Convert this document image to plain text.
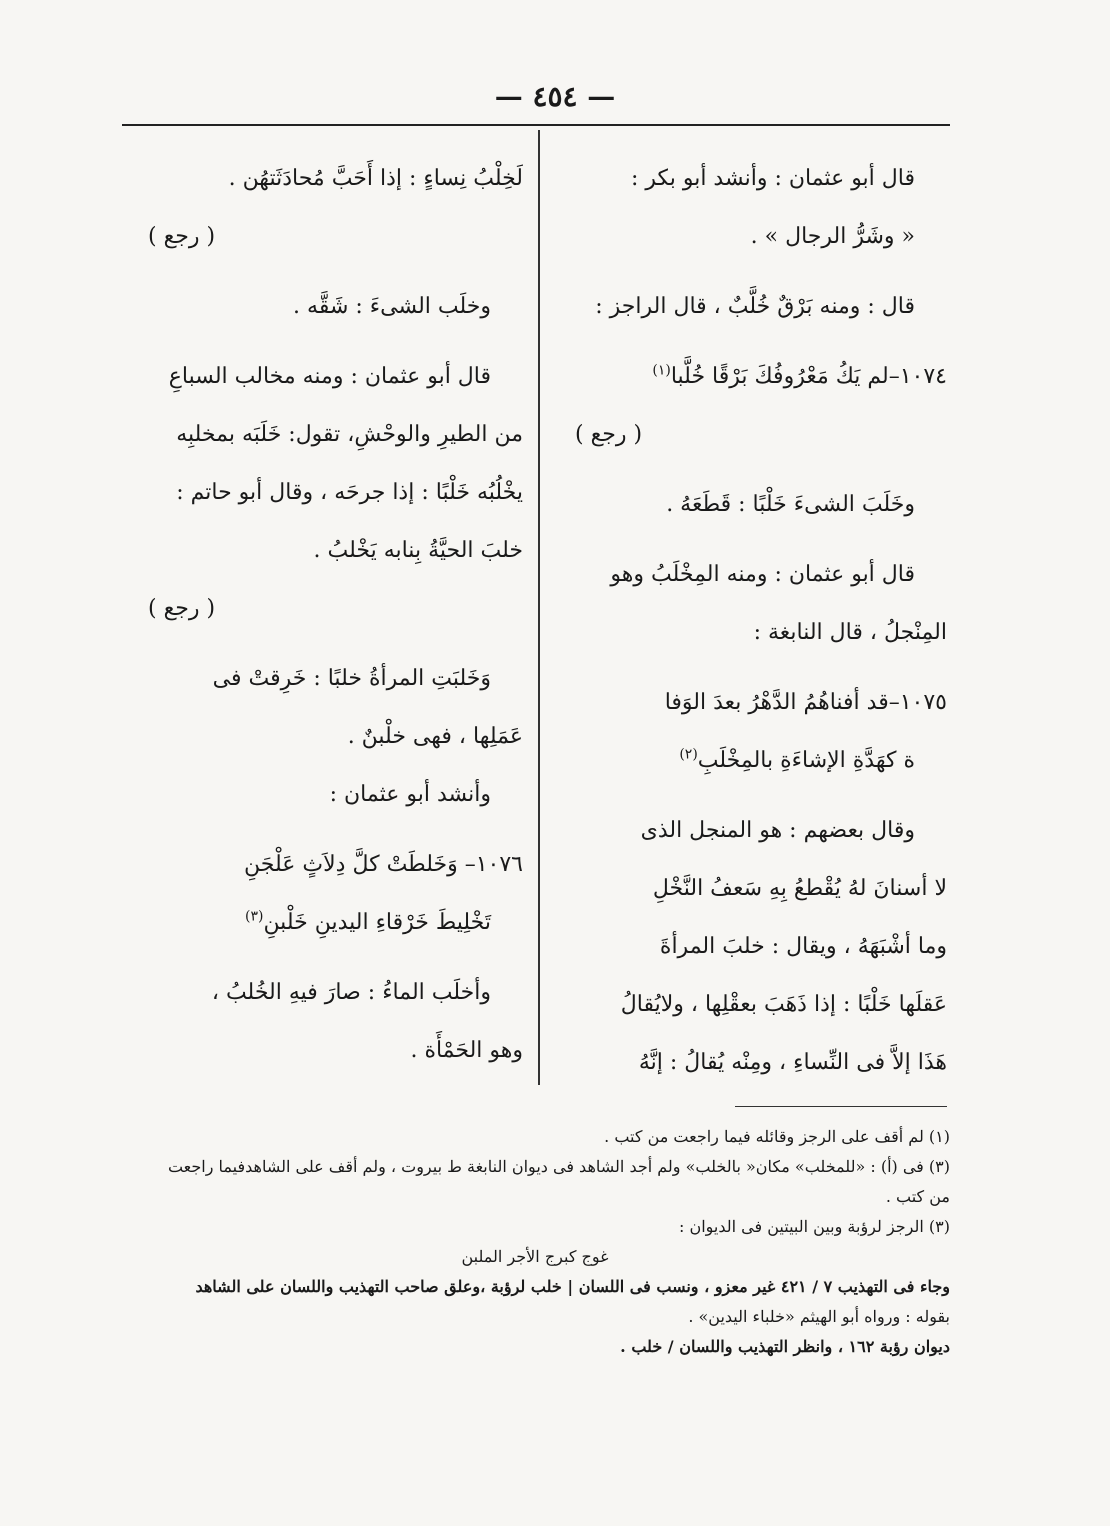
— ٤٥٤ —
قال أبو عثمان : وأنشد أبو بكر :
« وشَرُّ الرجال » .
قال : ومنه بَرْقٌ خُلَّبٌ ، قال الراجز :
١٠٧٤–لم يَكُ مَعْرُوفُكَ بَرْقًا خُلَّبا$^{(١)}$
( رجع )
وخَلَبَ الشىءَ خَلْبًا : قَطَعَهُ .
قال أبو عثمان : ومنه المِخْلَبُ وهو
المِنْجلُ ، قال النابغة :
١٠٧٥–قد أفناهُمُ الدَّهْرُ بعدَ الوَفا
ة كهَدَّةِ الإشاءَةِ بالمِخْلَبِ$^{(٢)}$
وقال بعضهم : هو المنجل الذى
لا أسنانَ لهُ يُقْطعُ بِهِ سَعفُ النَّخْلِ
وما أشْبَهَهُ ، ويقال : خلبَ المرأةَ
عَقلَها خَلْبًا : إذا ذَهَبَ بعقْلِها ، ولايُقالُ
هَذَا إلاَّ فى النِّساءِ ، ومِنْه يُقالُ : إنَّهُ
لَخِلْبُ نِساءٍ : إذا أَحَبَّ مُحادَثَتهُن .
( رجع )
وخلَب الشىءَ : شَقَّه .
قال أبو عثمان : ومنه مخالب السباعِ
من الطيرِ والوحْشِ، تقول: خَلَبَه بمخلبِه
يخْلُبُه خَلْبًا : إذا جرحَه ، وقال أبو حاتم :
خلبَ الحيَّةُ بِنابه يَخْلبُ .
( رجع )
وَخَلبَتِ المرأةُ خلبًا : خَرِقتْ فى
عَمَلِها ، فهى خلْبنٌ .
وأنشد أبو عثمان :
١٠٧٦– وَخَلطَتْ كلَّ دِلاَثٍ عَلْجَنِ
تَخْلِيطَ خَرْقاءِ اليدينِ خَلْبنِ$^{(٣)}$
وأخلَب الماءُ : صارَ فيهِ الخُلبُ ،
وهو الحَمْأَة .
(١) لم أقف على الرجز وقائله فيما راجعت من كتب .
(٣) فى (أ) : «للمخلب» مكان« بالخلب» ولم أجد الشاهد فى ديوان النابغة ط بيروت ، ولم أقف على الشاهدفيما راجعت
من كتب .
(٣) الرجز لرؤبة وبين البيتين فى الديوان :
غوج كبرج الأجر الملبن
وجاء فى التهذيب ٧ / ٤٢١ غير معزو ، ونسب فى اللسان | خلب لرؤبة ،وعلق صاحب التهذيب واللسان على الشاهد
بقوله : ورواه أبو الهيثم «خلباء اليدين» .
ديوان رؤبة ١٦٢ ، وانظر التهذيب واللسان / خلب .
